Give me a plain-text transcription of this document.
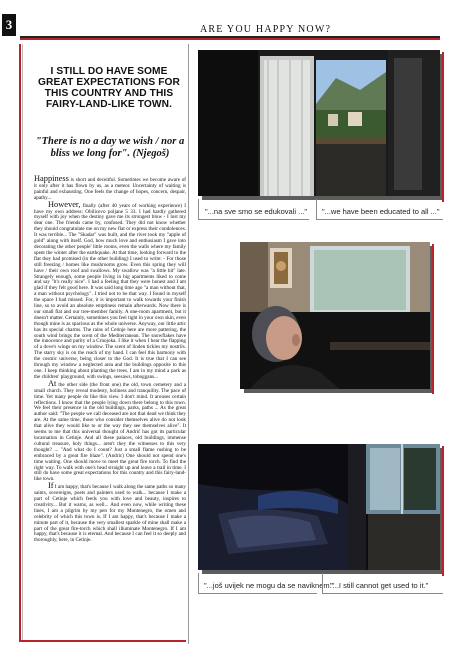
3	ARE YOU HAPPY NOW?
I STILL DO HAVE SOME GREAT EXPECTATIONS FOR THIS COUNTRY AND THIS FAIRY-LAND-LIKE TOWN.
"There is no a day we wish / nor a bliss we long for". (Njegoš)

Happiness is short and deceitful. Sometimes we become aware of it only after it has flown by us, as a meteor. Uncertainty of waiting is painful and exhausting. One feels the change of hopes, concern, despair, apathy...

However, finally (after 40 years of working experience) I have my own address: Obilicevo poljane 5 33. I had hardly gathered myself with joy when the destiny gave me its strongest blow - I lost my dear one. The friends came by, confused. They did not know whether they should congratulate me on my new flat or express their condolences. It was terrible... The "Skadar" was built, and the river took my "apple of gold" along with itself. God, how much love and enthusiasm I gave into decorating the other people' little rooms, even the walls where my family spent the winter after the earthquake. At that time, looking forward to the flat they had promised (in the other building) I used to write: - For those still freezing / homes like mushrooms grow. Even this spring they will have / their own roof and swallows. My swallow was "a little bit" late. Strangely enough, some people living in big apartments liked to come and say "it's really nice". I had a feeling that they were honest and I am glad if they felt good here. It was said long time ago "a man without that, a man without psychology". I tried not to be that way. I found in myself the space I had missed. For, it is important to walk towards your finish line, so to avoid an absolute emptiness remain afterwards. Now there is our small flat and our tree-member family. A one-room apartment, but it doesn't matter. Certainly, sometimes you feel tight in your own skin, even though mine is as spacious as the whole universe. Anyway, our little attic has its special charms. The rains of Cetinje here are more pattering, the south wind brings the scent of the Mediterranean. The snowflakes have the innocence and purity of a Crnojoka. I like it when I hear the flapping of a dove's wings on my window. The scent of linden tickles my nostrils. The starry sky is on the reach of my hand. I can feel this harmony with the cosmic universe, being closer to the God. It is true that I can see through my window a neglected area and the buildings opposite to this one. I keep thinking about planting the trees. I am in my mind a park as the children' playground, with swings, seesaws, toboggans...

At the other side (the front one) the old, town cemetery and a small church. They reveal modesty, holiness and tranquility. The pace of time. Yet many people do like this view. I don't mind. It arouses certain reflections. I know that the people lying down there belong to this town. We feel their presence in the old buildings, parks, paths ... As the great author said: "The people we call deceased are not that dead we think they are. At the same time, those who consider themselves alive do not look that alive they would like to or the way they see themselves alive". It seems to me that this universal thought of Andrić has got its particular incarnation in Cetinje. And all these palaces, old buildings, immense cultural treasure, holy things... aren't they the witnesses to this very thought? ... "And what do I count? Just a small flame rushing to be embraced by a great fire blaze". (Andric) One should not spend one's time waiting. One should move to meet the great fire torch. To find the right way. To walk with one's head straight up and leave a trail in time. I still do have some great expectations for this country and this fairy-land-like town.

If I am happy, that's because I walk along the same paths so many saints, sovereigns, poets and painters used to walk... because I make a part of Cetinje which feeds you with love and beauty, inspires to creativity... But it warns, as well... And even now, while writing these lines, I am a pilgrim by my pen for my Montenegro, the omen and celebrity of which this town is. If I am happy, that's because I make a minute part of it, because the very smallest sparkle of mine shall make a part of the great fire-torch which shall illuminate Montenegro. If I am happy, that's because it is eternal. And because I can feel it so deeply and thoroughly, here, in Cetinje.

"...na sve smo se edukovali ..." "...we have been educated to all ..."
"...još uvijek ne mogu da se naviknem."
"...I still cannot get used to it."
